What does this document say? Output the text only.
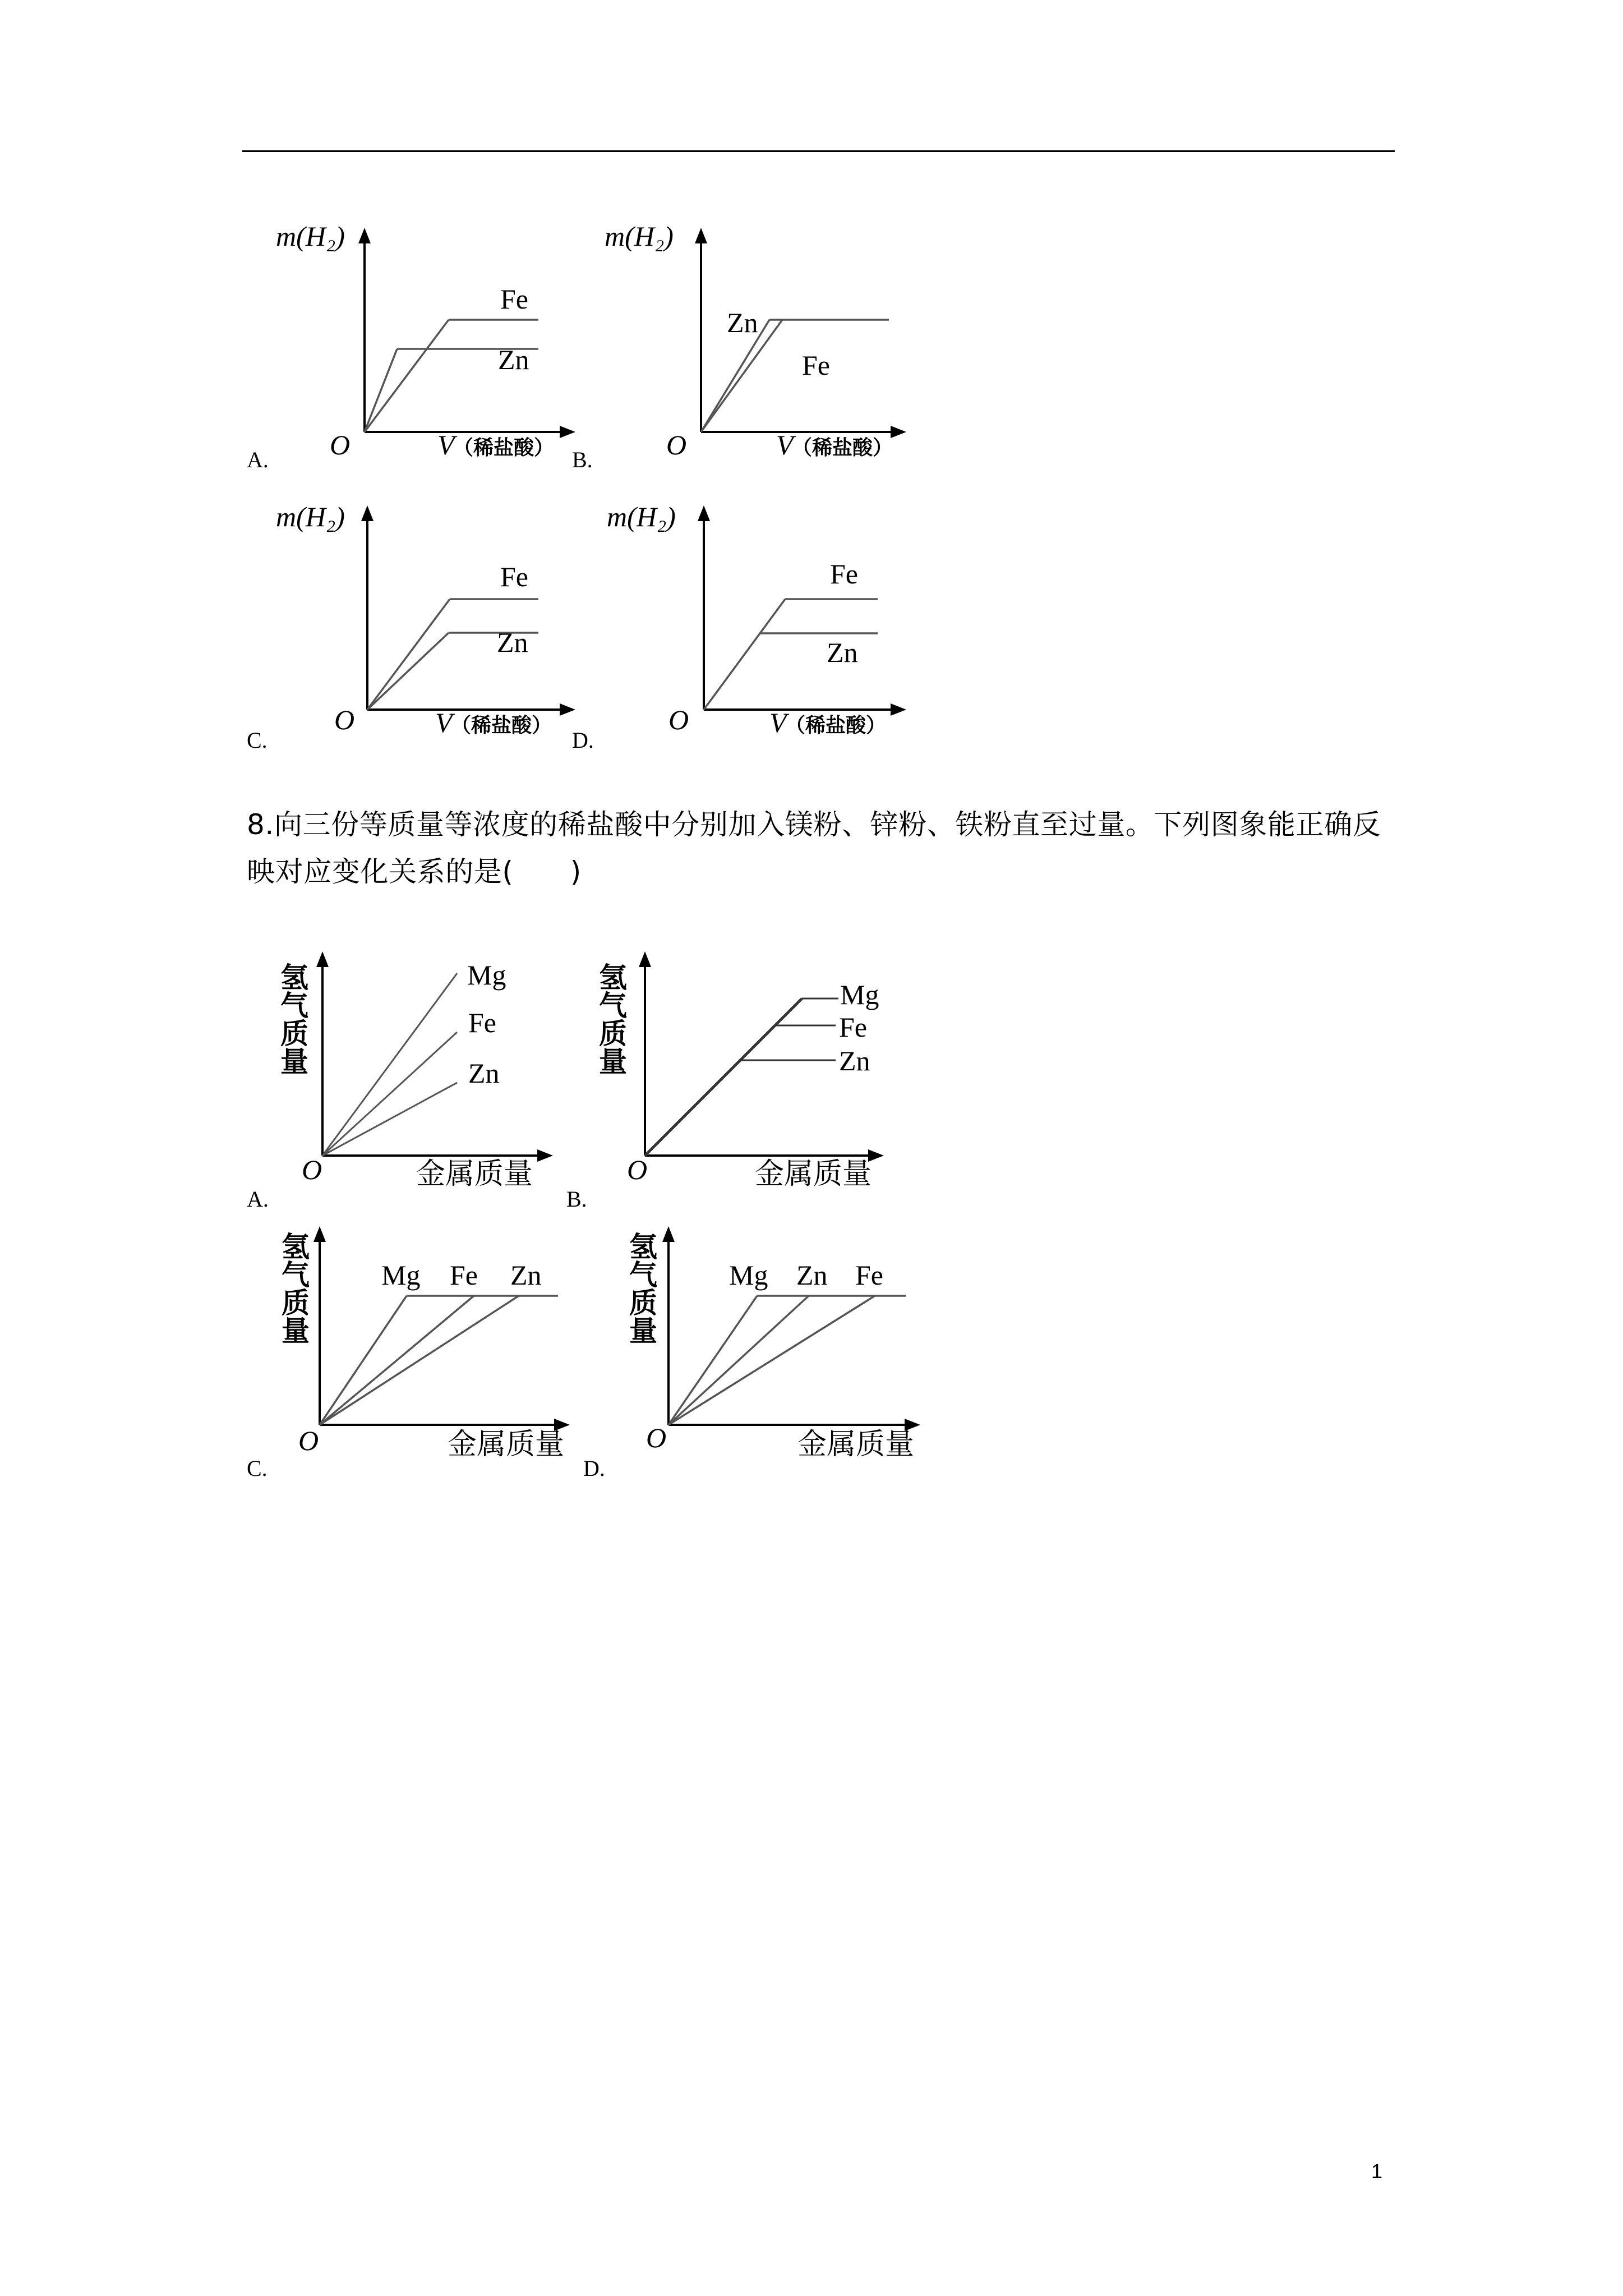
A.
m(H₂)
O	V
（稀盐酸）
Fe
Zn
B.
m(H₂)
O	V
（稀盐酸）
Zn
Fe
C.
m(H₂)
O	V
（稀盐酸）
Fe
Zn
D.
m(H₂)
O	V
（稀盐酸）
Fe
Zn
8.向三份等质量等浓度的稀盐酸中分别加入镁粉、锌粉、铁粉直至过量。下列图象能正确反映对应变化关系的是(　　)
A.
氢
气
质
量
O	金属质量
Mg
Fe
Zn
B.
氢
气
质
量
O	金属质量
Mg
Fe
Zn
C.
氢
气
质
量
O	金属质量
Mg Fe Zn
D.
氢
气
质
量
O	金属质量
Mg Zn Fe
1
